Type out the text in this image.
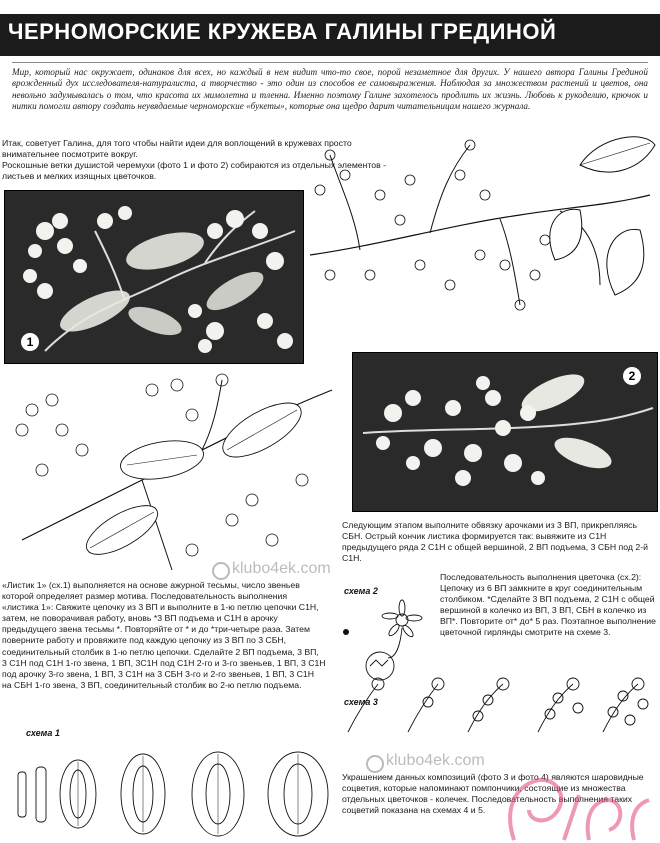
ЧЕРНОМОРСКИЕ КРУЖЕВА ГАЛИНЫ ГРЕДИНОЙ
Мир, который нас окружает, одинаков для всех, но каждый в нем видит что-то свое, порой незаметное для других. У нашего автора Галины Грединой врожденный дух исследователя-натуралиста, а творчество - это один из способов ее самовыражения. Наблюдая за множеством растений и цветов, она невольно задумывалась о том, что красота их мимолетна и тленна. Именно поэтому Галине захотелось продлить их жизнь. Любовь к рукоделию, крючок и нитки помогли автору создать неувядаемые черноморские «букеты», которые она щедро дарит читательницам нашего журнала.
Итак, советует Галина, для того чтобы найти идеи для воплощений в кружевах просто внимательнее посмотрите вокруг.
Роскошные ветки душистой черемухи (фото 1 и фото 2) собираются из отдельных элементов - листьев и мелких изящных цветочков.
1
2
Следующим этапом выполните обвязку арочками из 3 ВП, прикрепляясь СБН. Острый кончик листика формируется так: вывяжите из С1Н предыдущего ряда 2 С1Н с общей вершиной, 2 ВП подъема, 3 СБН под 2-й С1Н.
klubo4ek.com
«Листик 1» (сх.1) выполняется на основе ажурной тесьмы, число звеньев которой определяет размер мотива. Последовательность выполнения «листика 1»: Свяжите цепочку из 3 ВП и выполните в 1-ю петлю цепочки С1Н, затем, не поворачивая работу, вновь *3 ВП подъема и С1Н в арочку предыдущего звена тесьмы *. Повторяйте от * и до *три-четыре раза. Затем поверните работу и провяжите под каждую цепочку из 3 ВП по 3 СБН, соединительный столбик в 1-ю петлю цепочки. Сделайте 2 ВП подъема, 3 ВП, 3 С1Н под С1Н 1-го звена, 1 ВП, 3С1Н под С1Н 2-го и 3-го звеньев, 1 ВП, 3 С1Н под арочку 3-го звена, 1 ВП, 3 С1Н на 3 СБН 3-го и 2-го звеньев, 1 ВП, 3 С1Н на СБН 1-го звена, 3 ВП, соединительный столбик во 2-ю петлю подъема.
Последовательность выполнения цветочка (сх.2): Цепочку из 6 ВП замкните в круг соединительным столбиком. *Сделайте 3 ВП подъема, 2 С1Н с общей вершиной в колечко из ВП, 3 ВП, СБН в колечко из ВП*. Повторите от* до* 5 раз. Поэтапное выполнение цветочной гирлянды смотрите на схеме 3.
схема 2
схема 3
схема 1
klubo4ek.com
Украшением данных композиций (фото 3 и фото 4) являются шаровидные соцветия, которые напоминают помпончики, состоящие из множества отдельных цветочков - колечек. Последовательность выполнения таких соцветий показана на схемах 4 и 5.
